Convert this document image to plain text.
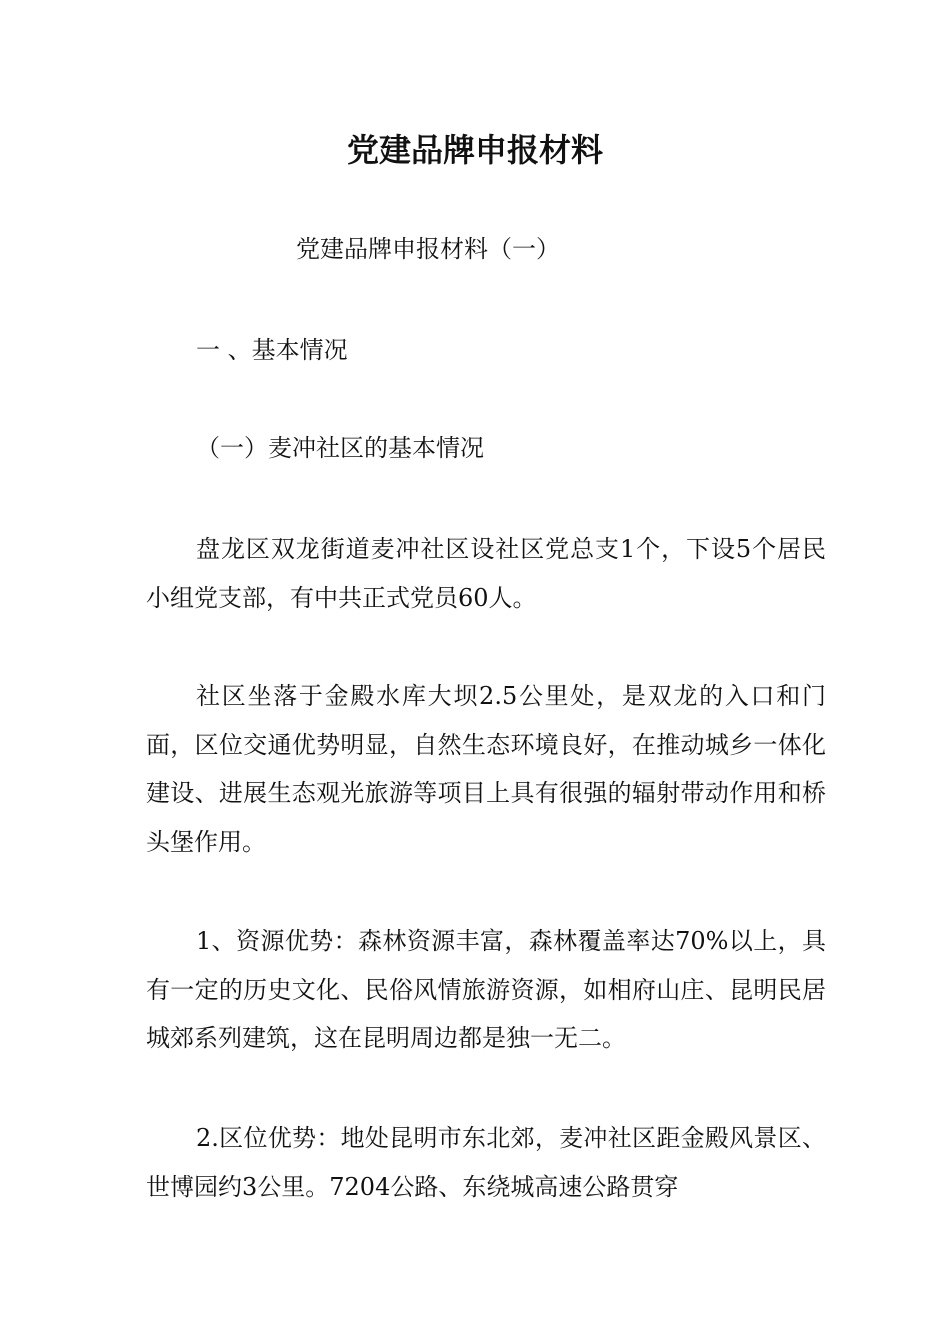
党建品牌申报材料

党建品牌申报材料（一）

一 、基本情况

（一）麦冲社区的基本情况

盘龙区双龙街道麦冲社区设社区党总支1个，下设5个居民小组党支部，有中共正式党员60人。

社区坐落于金殿水库大坝2.5公里处，是双龙的入口和门面，区位交通优势明显，自然生态环境良好，在推动城乡一体化建设、进展生态观光旅游等项目上具有很强的辐射带动作用和桥头堡作用。

1、资源优势：森林资源丰富，森林覆盖率达70%以上，具有一定的历史文化、民俗风情旅游资源，如相府山庄、昆明民居城郊系列建筑，这在昆明周边都是独一无二。

2.区位优势：地处昆明市东北郊，麦冲社区距金殿风景区、世博园约3公里。7204公路、东绕城高速公路贯穿
